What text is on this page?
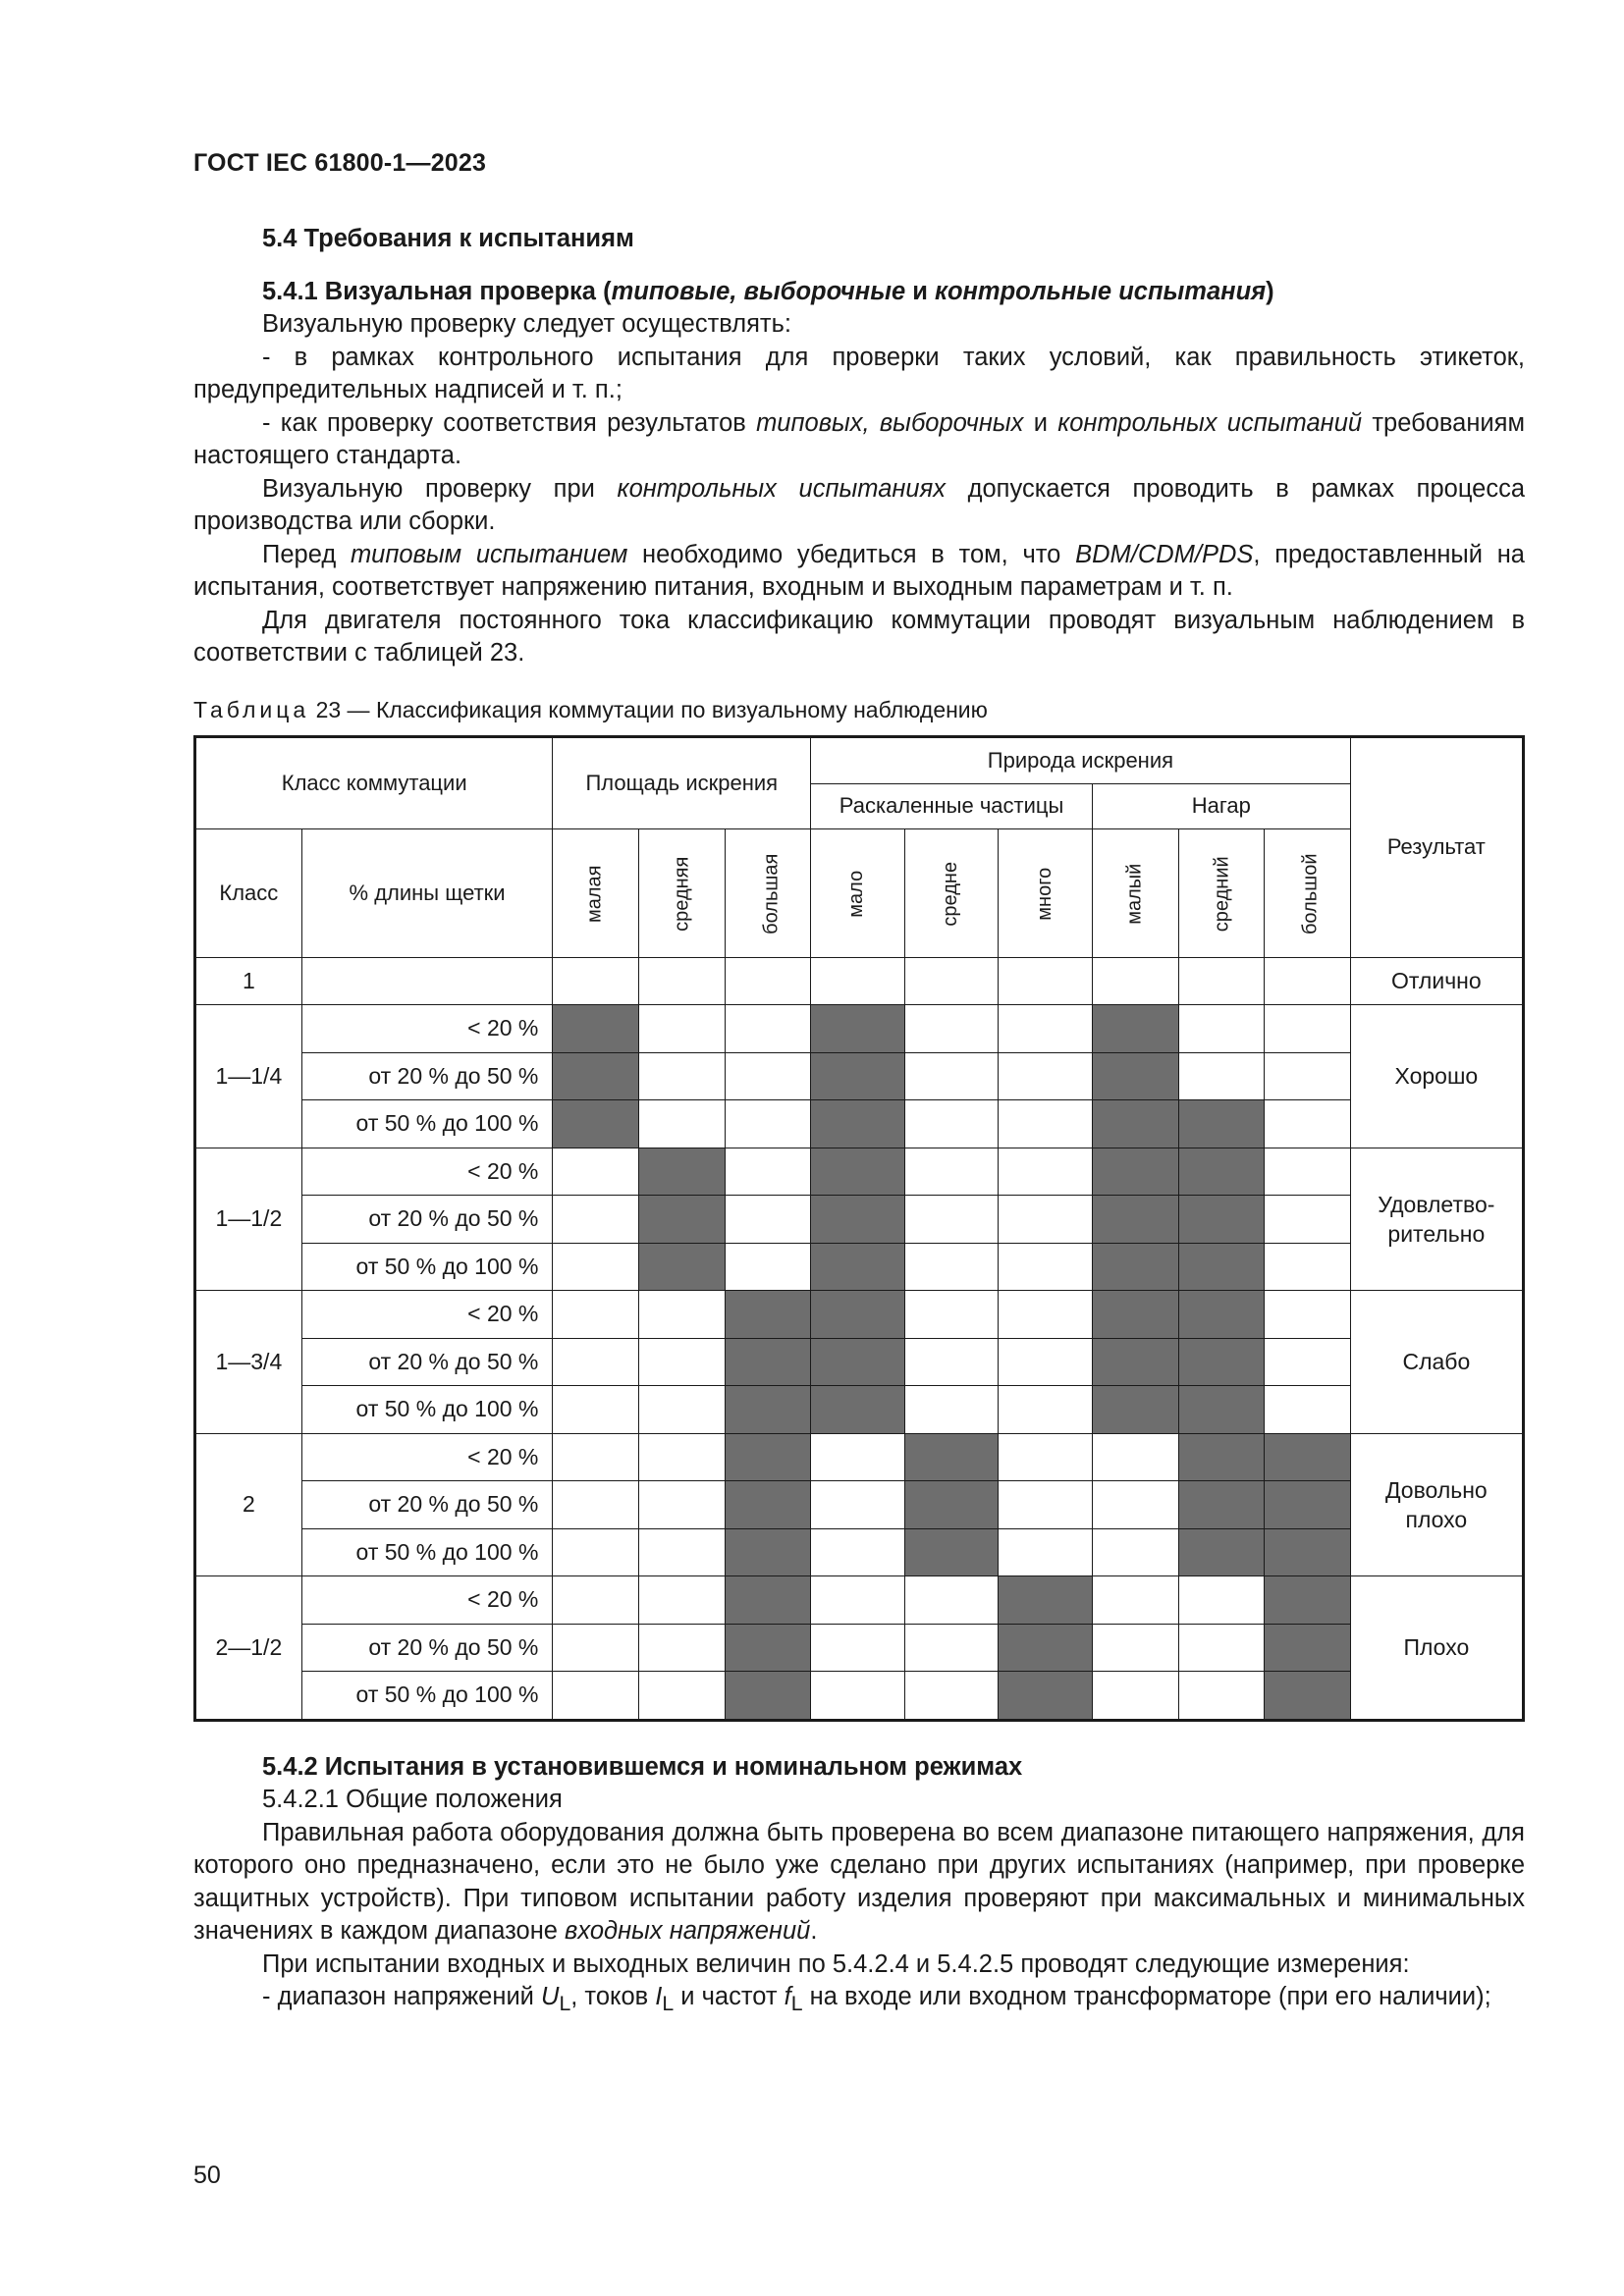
ГОСТ IEC 61800-1—2023

5.4 Требования к испытаниям

5.4.1 Визуальная проверка (типовые, выборочные и контрольные испытания)

Визуальную проверку следует осуществлять:

- в рамках контрольного испытания для проверки таких условий, как правильность этикеток, предупредительных надписей и т. п.;

- как проверку соответствия результатов типовых, выборочных и контрольных испытаний требованиям настоящего стандарта.

Визуальную проверку при контрольных испытаниях допускается проводить в рамках процесса производства или сборки.

Перед типовым испытанием необходимо убедиться в том, что BDM/CDM/PDS, предоставленный на испытания, соответствует напряжению питания, входным и выходным параметрам и т. п.

Для двигателя постоянного тока классификацию коммутации проводят визуальным наблюдением в соответствии с таблицей 23.

Таблица 23 — Классификация коммутации по визуальному наблюдению
Класс коммутации		Площадь искрения			Природа искрения						Результат
					Раскаленные частицы			Нагар			
Класс	% длины щетки	малая	средняя	большая	мало	средне	много	малый	средний	большой	
1											Отлично
1—1/4	< 20 %										Хорошо
	от 20 % до 50 %										
	от 50 % до 100 %										
1—1/2	< 20 %										Удовлетво-рительно
	от 20 % до 50 %										
	от 50 % до 100 %										
1—3/4	< 20 %										Слабо
	от 20 % до 50 %										
	от 50 % до 100 %										
2	< 20 %										Довольно плохо
	от 20 % до 50 %										
	от 50 % до 100 %										
2—1/2	< 20 %										Плохо
	от 20 % до 50 %										
	от 50 % до 100 %										

5.4.2 Испытания в установившемся и номинальном режимах

5.4.2.1 Общие положения

Правильная работа оборудования должна быть проверена во всем диапазоне питающего напряжения, для которого оно предназначено, если это не было уже сделано при других испытаниях (например, при проверке защитных устройств). При типовом испытании работу изделия проверяют при максимальных и минимальных значениях в каждом диапазоне входных напряжений.

При испытании входных и выходных величин по 5.4.2.4 и 5.4.2.5 проводят следующие измерения:

- диапазон напряжений $U_L$, токов $I_L$ и частот $f_L$ на входе или входном трансформаторе (при его наличии);

50
